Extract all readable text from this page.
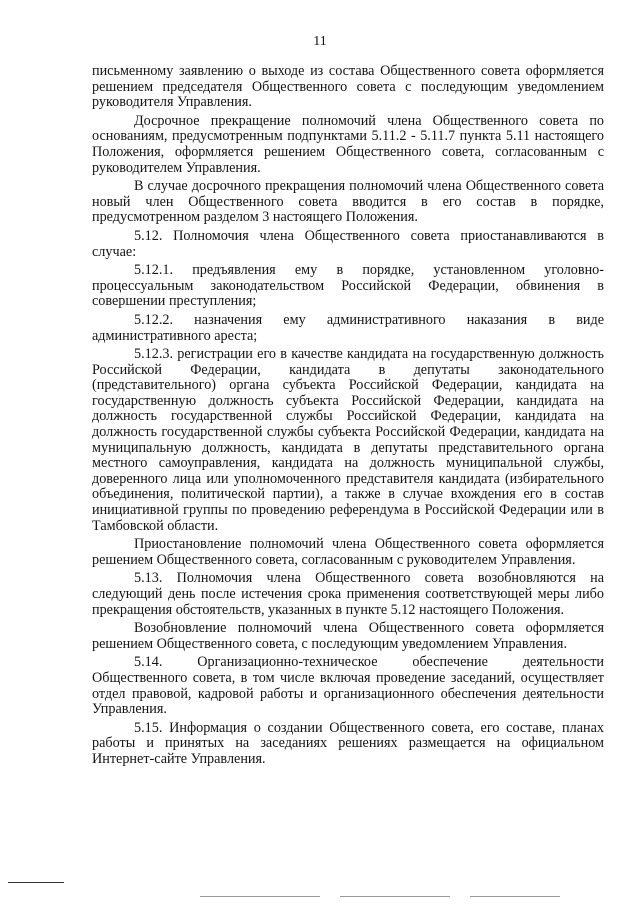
11

письменному заявлению о выходе из состава Общественного совета оформляется решением председателя Общественного совета с последующим уведомлением руководителя Управления.

Досрочное прекращение полномочий члена Общественного совета по основаниям, предусмотренным подпунктами 5.11.2 - 5.11.7 пункта 5.11 настоящего Положения, оформляется решением Общественного совета, согласованным с руководителем Управления.

В случае досрочного прекращения полномочий члена Общественного совета новый член Общественного совета вводится в его состав в порядке, предусмотренном разделом 3 настоящего Положения.

5.12. Полномочия члена Общественного совета приостанавливаются в случае:

5.12.1. предъявления ему в порядке, установленном уголовно-процессуальным законодательством Российской Федерации, обвинения в совершении преступления;

5.12.2. назначения ему административного наказания в виде административного ареста;

5.12.3. регистрации его в качестве кандидата на государственную должность Российской Федерации, кандидата в депутаты законодательного (представительного) органа субъекта Российской Федерации, кандидата на государственную должность субъекта Российской Федерации, кандидата на должность государственной службы Российской Федерации, кандидата на должность государственной службы субъекта Российской Федерации, кандидата на муниципальную должность, кандидата в депутаты представительного органа местного самоуправления, кандидата на должность муниципальной службы, доверенного лица или уполномоченного представителя кандидата (избирательного объединения, политической партии), а также в случае вхождения его в состав инициативной группы по проведению референдума в Российской Федерации или в Тамбовской области.

Приостановление полномочий члена Общественного совета оформляется решением Общественного совета, согласованным с руководителем Управления.

5.13. Полномочия члена Общественного совета возобновляются на следующий день после истечения срока применения соответствующей меры либо прекращения обстоятельств, указанных в пункте 5.12 настоящего Положения.

Возобновление полномочий члена Общественного совета оформляется решением Общественного совета, с последующим уведомлением Управления.

5.14. Организационно-техническое обеспечение деятельности Общественного совета, в том числе включая проведение заседаний, осуществляет отдел правовой, кадровой работы и организационного обеспечения деятельности Управления.

5.15. Информация о создании Общественного совета, его составе, планах работы и принятых на заседаниях решениях размещается на официальном Интернет-сайте Управления.
